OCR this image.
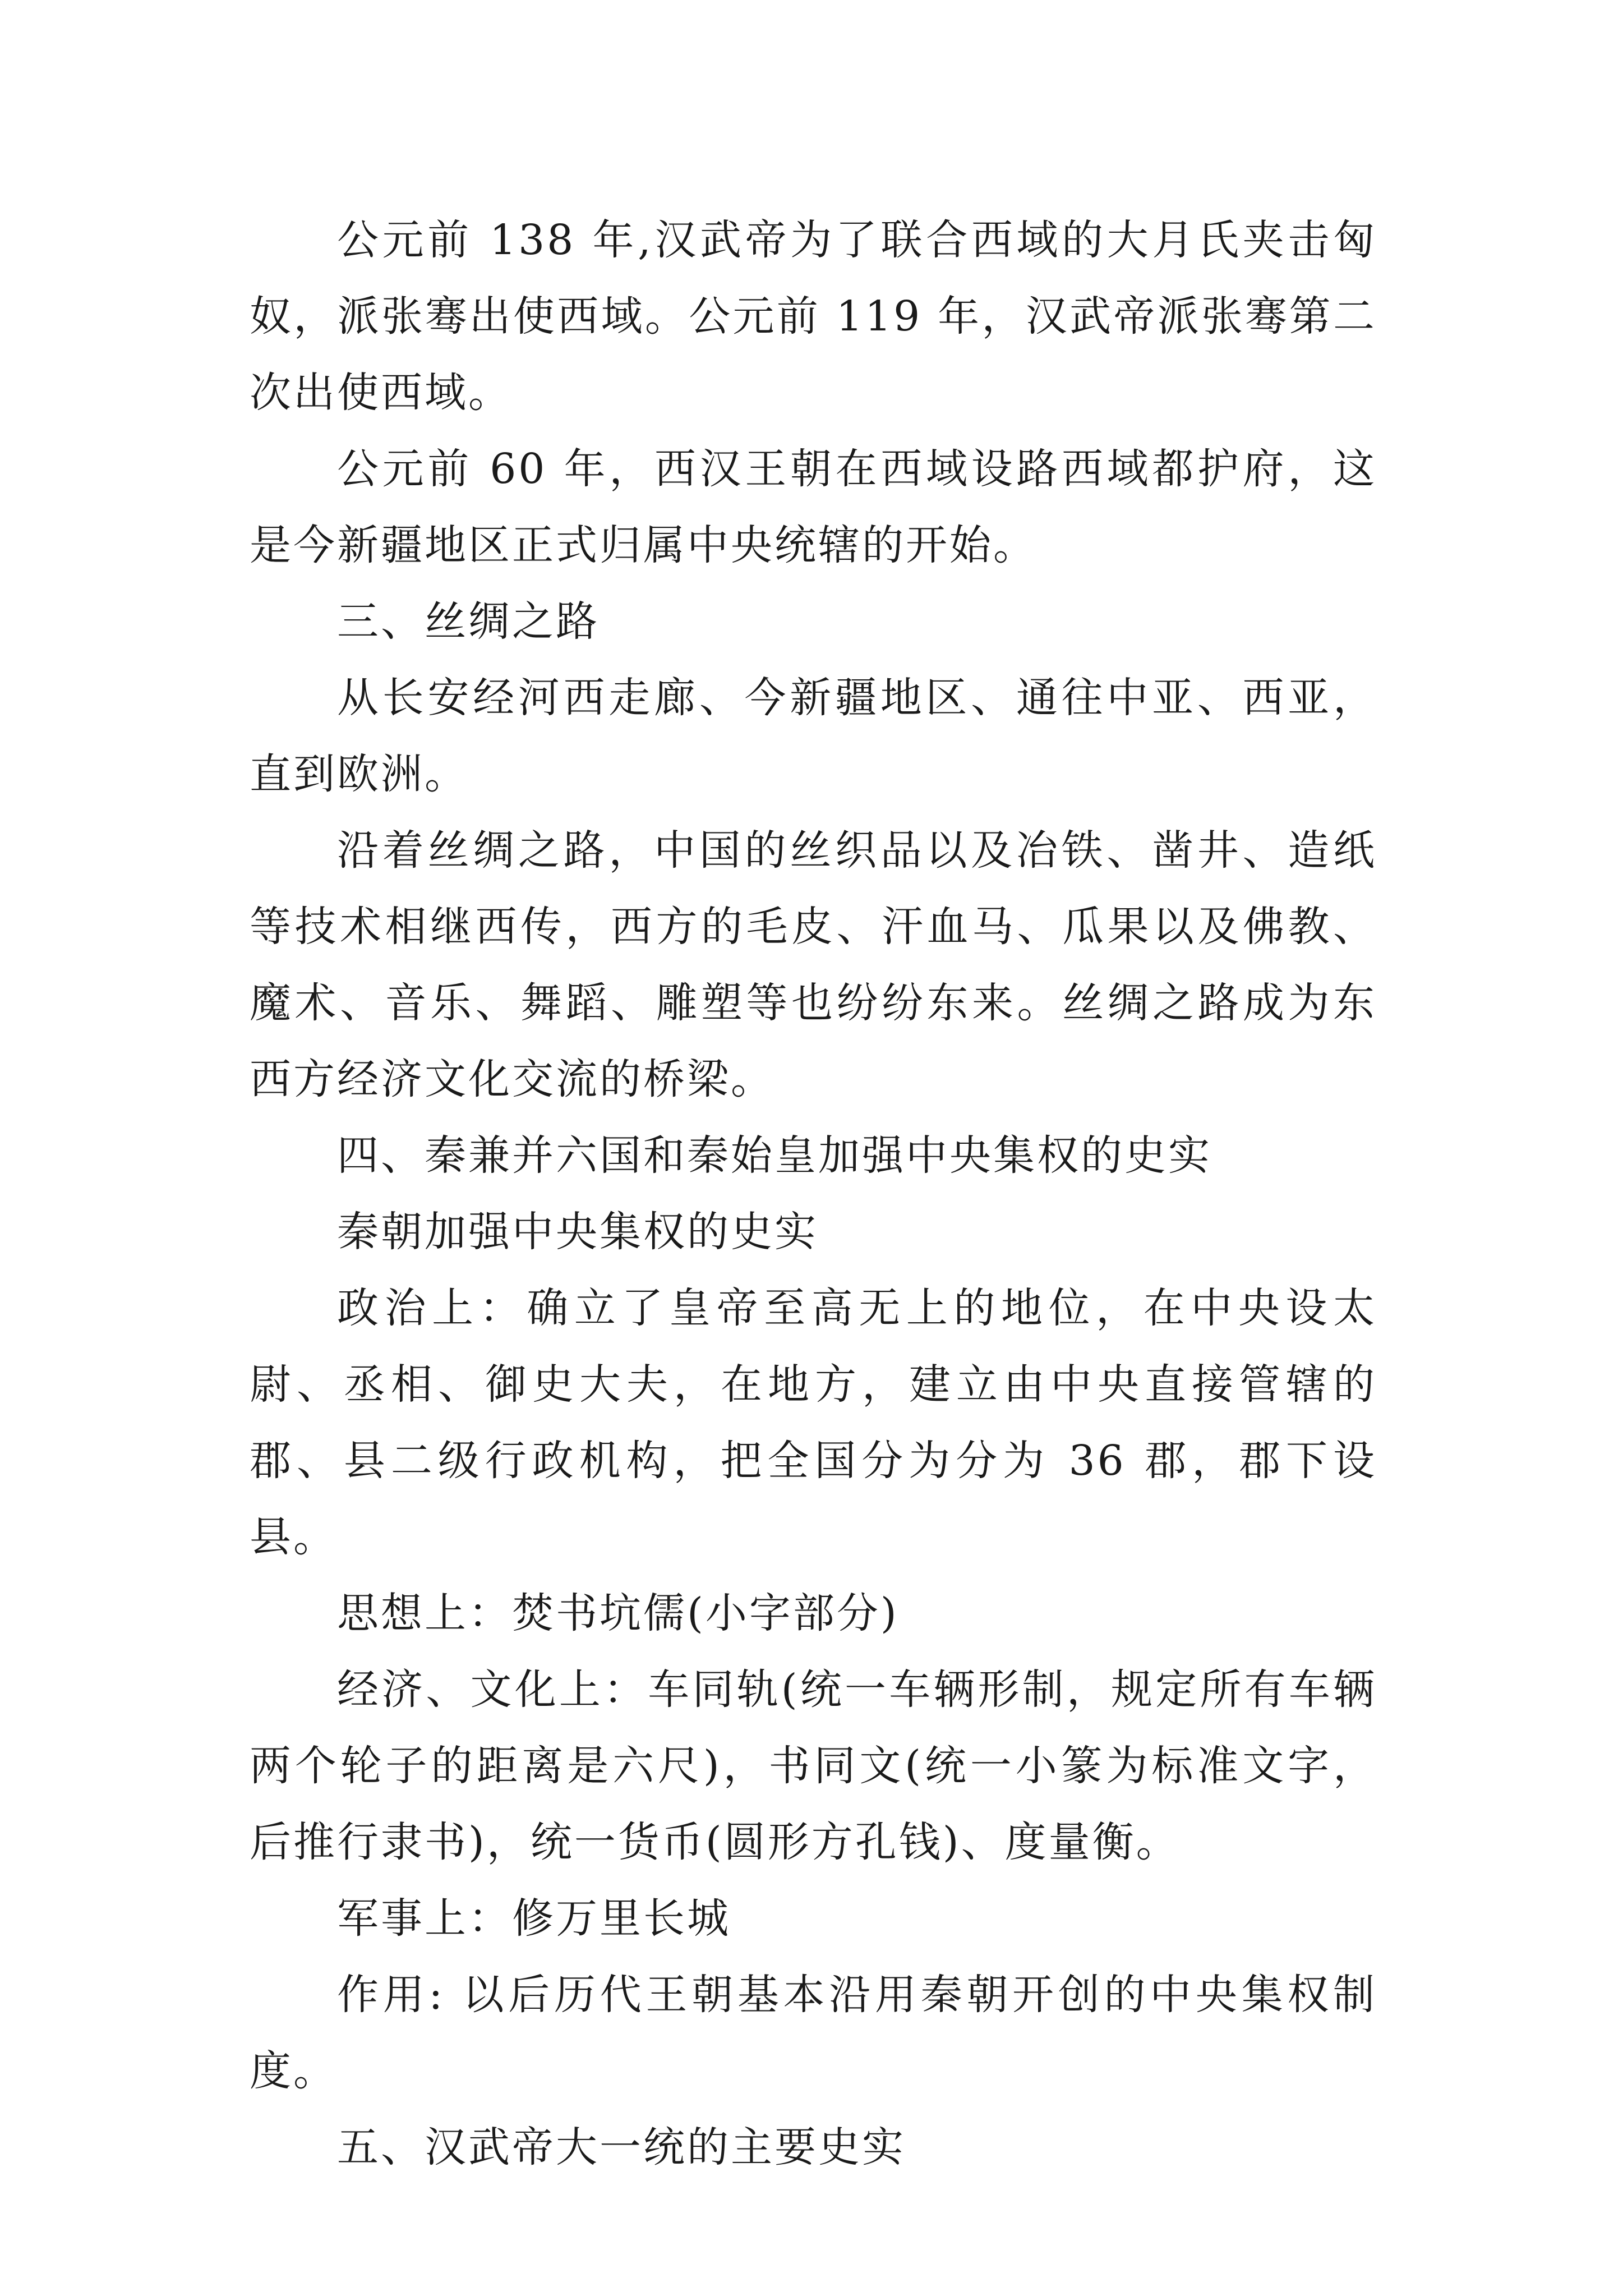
公元前 138 年,汉武帝为了联合西域的大月氏夹击匈奴，派张骞出使西域。公元前 119 年，汉武帝派张骞第二次出使西域。

公元前 60 年，西汉王朝在西域设路西域都护府，这是今新疆地区正式归属中央统辖的开始。

三、丝绸之路

从长安经河西走廊、今新疆地区、通往中亚、西亚，直到欧洲。

沿着丝绸之路，中国的丝织品以及冶铁、凿井、造纸等技术相继西传，西方的毛皮、汗血马、瓜果以及佛教、魔术、音乐、舞蹈、雕塑等也纷纷东来。丝绸之路成为东西方经济文化交流的桥梁。

四、秦兼并六国和秦始皇加强中央集权的史实

秦朝加强中央集权的史实

政治上：确立了皇帝至高无上的地位，在中央设太尉、丞相、御史大夫，在地方，建立由中央直接管辖的郡、县二级行政机构，把全国分为分为 36 郡，郡下设县。

思想上：焚书坑儒(小字部分)

经济、文化上：车同轨(统一车辆形制，规定所有车辆两个轮子的距离是六尺)，书同文(统一小篆为标准文字，后推行隶书)，统一货币(圆形方孔钱)、度量衡。

军事上：修万里长城

作用: 以后历代王朝基本沿用秦朝开创的中央集权制度。

五、汉武帝大一统的主要史实
